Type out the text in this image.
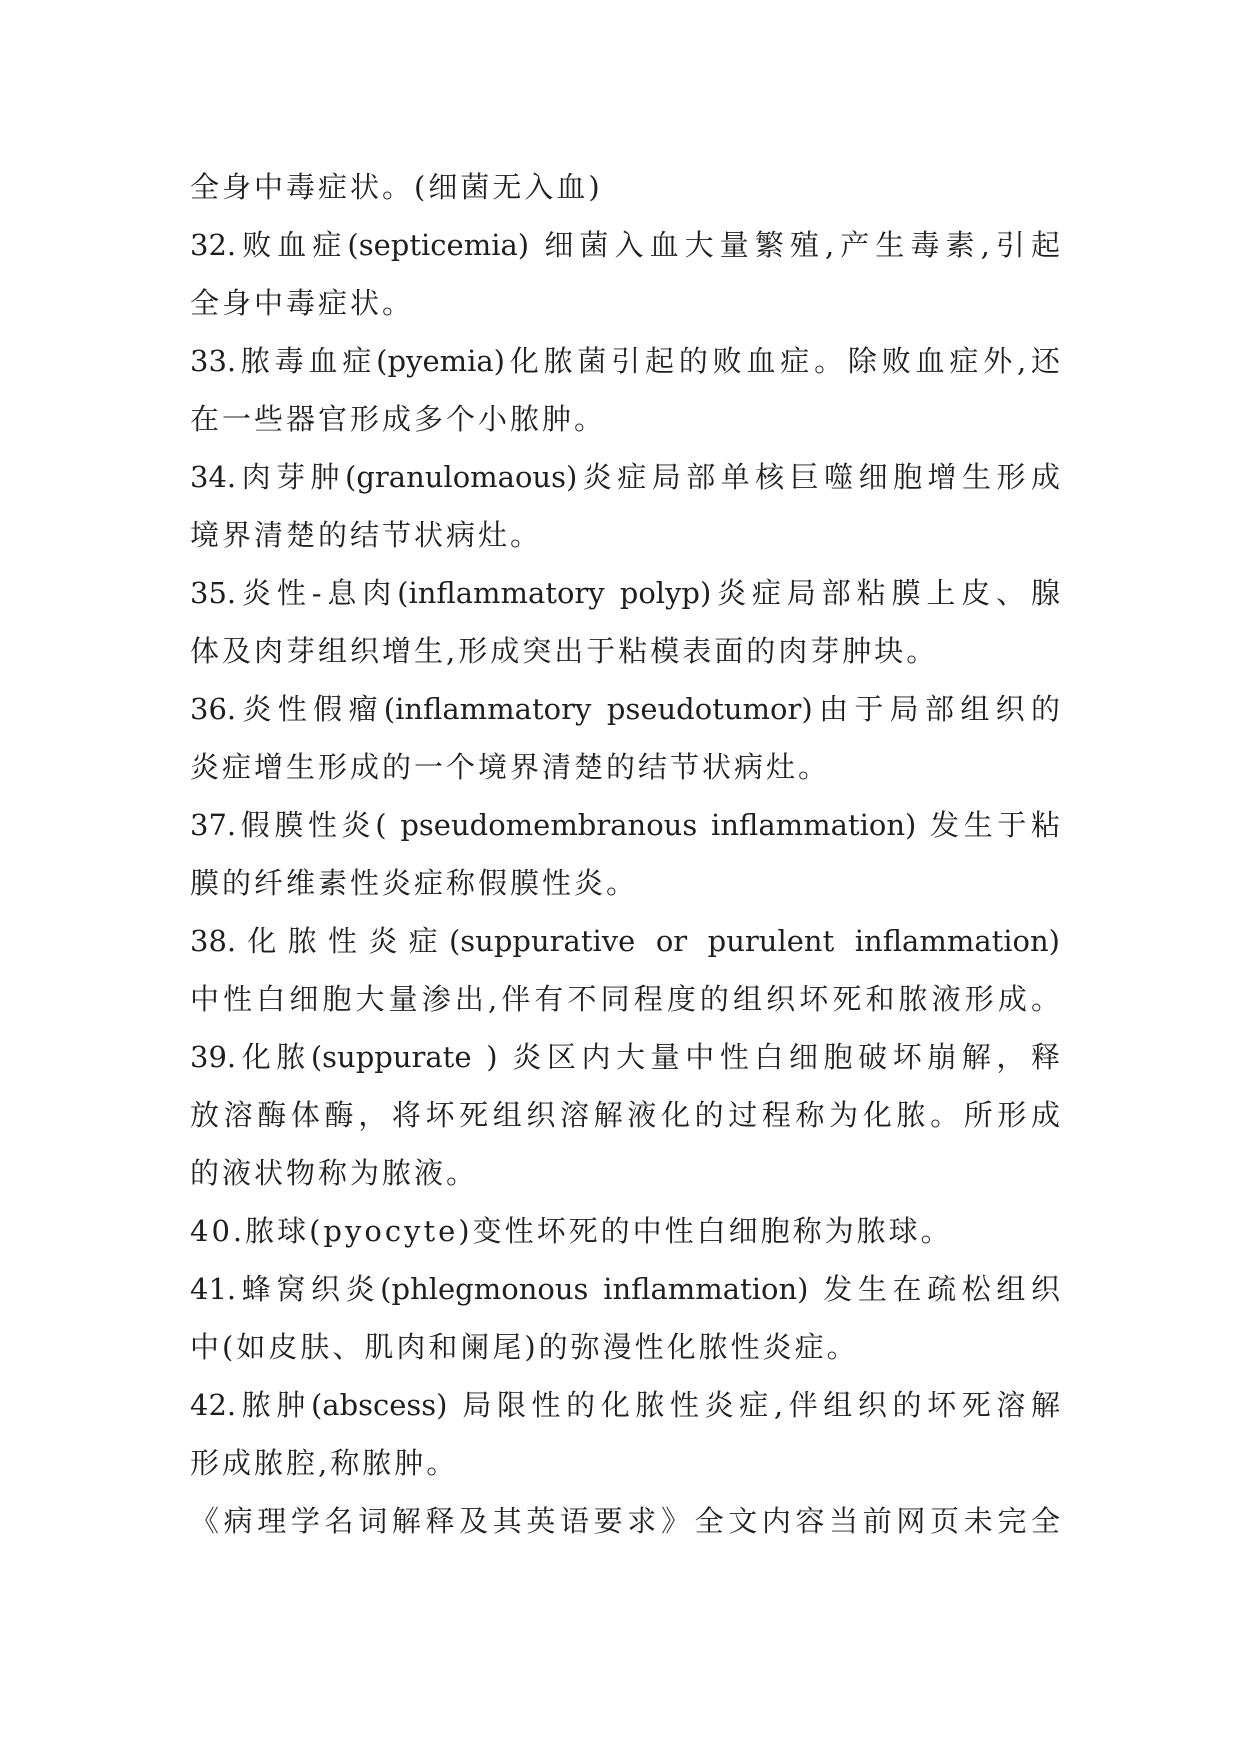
全身中毒症状。(细菌无入血)
32.败血症(septicemia) 细菌入血大量繁殖,产生毒素,引起
全身中毒症状。
33.脓毒血症(pyemia)化脓菌引起的败血症。除败血症外,还
在一些器官形成多个小脓肿。
34.肉芽肿(granulomaous)炎症局部单核巨噬细胞增生形成
境界清楚的结节状病灶。
35.炎性-息肉(inflammatory polyp)炎症局部粘膜上皮、腺
体及肉芽组织增生,形成突出于粘模表面的肉芽肿块。
36.炎性假瘤(inflammatory pseudotumor)由于局部组织的
炎症增生形成的一个境界清楚的结节状病灶。
37.假膜性炎( pseudomembranous inflammation) 发生于粘
膜的纤维素性炎症称假膜性炎。
38.化脓性炎症(suppurative or purulent inflammation)
中性白细胞大量渗出,伴有不同程度的组织坏死和脓液形成。
39.化脓(suppurate ) 炎区内大量中性白细胞破坏崩解，释
放溶酶体酶，将坏死组织溶解液化的过程称为化脓。所形成
的液状物称为脓液。
40.脓球(pyocyte)变性坏死的中性白细胞称为脓球。
41.蜂窝织炎(phlegmonous inflammation) 发生在疏松组织
中(如皮肤、肌肉和阑尾)的弥漫性化脓性炎症。
42.脓肿(abscess) 局限性的化脓性炎症,伴组织的坏死溶解
形成脓腔,称脓肿。
《病理学名词解释及其英语要求》全文内容当前网页未完全
